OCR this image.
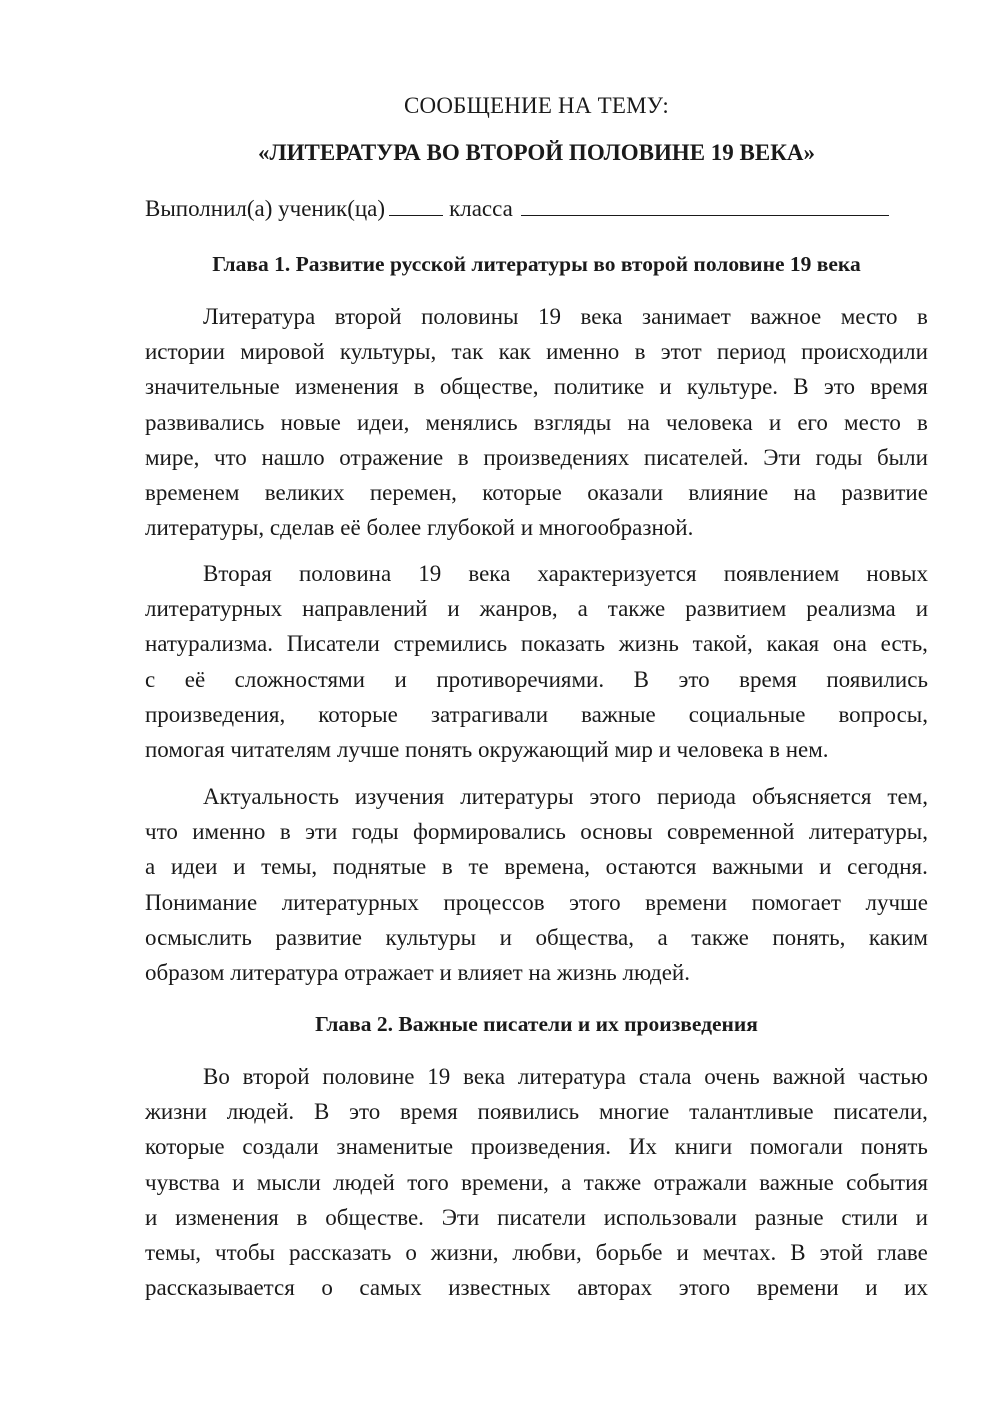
СООБЩЕНИЕ НА ТЕМУ:
«ЛИТЕРАТУРА ВО ВТОРОЙ ПОЛОВИНЕ 19 ВЕКА»
Выполнил(а) ученик(ца)	класса
Глава 1. Развитие русской литературы во второй половине 19 века
Литература второй половины 19 века занимает важное место в
истории мировой культуры, так как именно в этот период происходили
значительные изменения в обществе, политике и культуре. В это время
развивались новые идеи, менялись взгляды на человека и его место в
мире, что нашло отражение в произведениях писателей. Эти годы были
временем великих перемен, которые оказали влияние на развитие
литературы, сделав её более глубокой и многообразной.
Вторая половина 19 века характеризуется появлением новых
литературных направлений и жанров, а также развитием реализма и
натурализма. Писатели стремились показать жизнь такой, какая она есть,
с её сложностями и противоречиями. В это время появились
произведения, которые затрагивали важные социальные вопросы,
помогая читателям лучше понять окружающий мир и человека в нем.
Актуальность изучения литературы этого периода объясняется тем,
что именно в эти годы формировались основы современной литературы,
а идеи и темы, поднятые в те времена, остаются важными и сегодня.
Понимание литературных процессов этого времени помогает лучше
осмыслить развитие культуры и общества, а также понять, каким
образом литература отражает и влияет на жизнь людей.
Глава 2. Важные писатели и их произведения
Во второй половине 19 века литература стала очень важной частью
жизни людей. В это время появились многие талантливые писатели,
которые создали знаменитые произведения. Их книги помогали понять
чувства и мысли людей того времени, а также отражали важные события
и изменения в обществе. Эти писатели использовали разные стили и
темы, чтобы рассказать о жизни, любви, борьбе и мечтах. В этой главе
рассказывается о самых известных авторах этого времени и их
